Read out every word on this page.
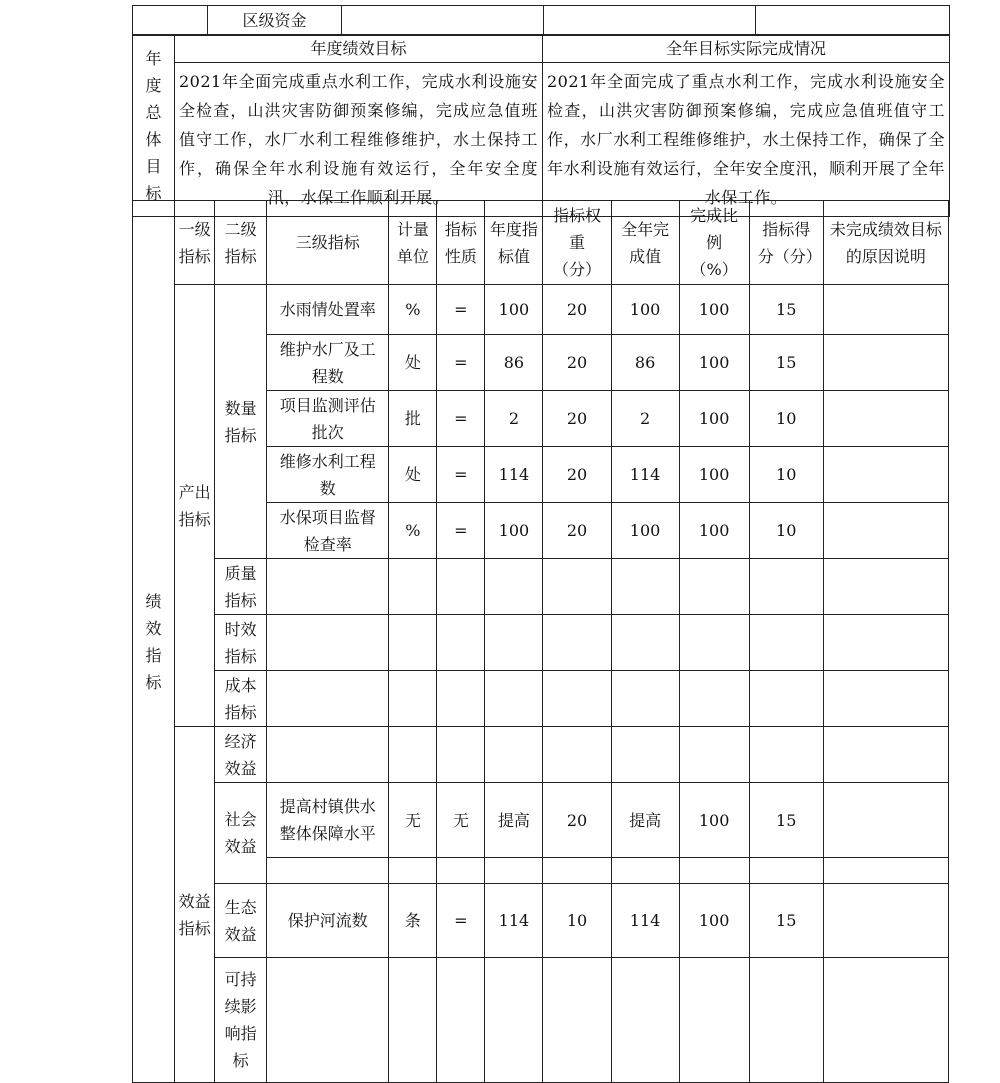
	区级资金			
年度总体目标	年度绩效目标	全年目标实际完成情况
	2021年全面完成重点水利工作，完成水利设施安全检查，山洪灾害防御预案修编，完成应急值班值守工作，水厂水利工程维修维护，水土保持工作，确保全年水利设施有效运行，全年安全度汛，水保工作顺利开展。	2021年全面完成了重点水利工作，完成水利设施安全检查，山洪灾害防御预案修编，完成应急值班值守工作，水厂水利工程维修维护，水土保持工作，确保了全年水利设施有效运行，全年安全度汛，顺利开展了全年水保工作。
绩效指标	一级指标	二级指标	三级指标	计量单位	指标性质	年度指标值	指标权重（分）	全年完成值	完成比例（%）	指标得分（分）	未完成绩效目标的原因说明
	产出指标	数量指标	水雨情处置率	%	=	100	20	100	100	15	
			维护水厂及工程数	处	=	86	20	86	100	15	
			项目监测评估批次	批	=	2	20	2	100	10	
			维修水利工程数	处	=	114	20	114	100	10	
			水保项目监督检查率	%	=	100	20	100	100	10	
		质量指标									
		时效指标									
		成本指标									
	效益指标	经济效益									
		社会效益	提高村镇供水整体保障水平	无	无	提高	20	提高	100	15	

		生态效益	保护河流数	条	=	114	10	114	100	15	
		可持续影响指标									
